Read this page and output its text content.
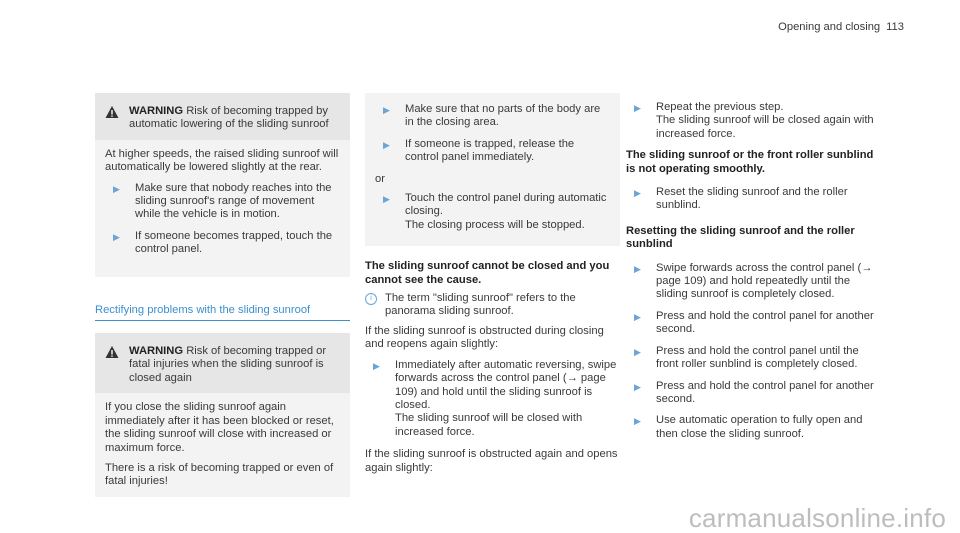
Opening and closing 113
WARNING Risk of becoming trapped by automatic lowering of the sliding sunroof

At higher speeds, the raised sliding sunroof will automatically be lowered slightly at the rear.

▶ Make sure that nobody reaches into the sliding sunroof's range of movement while the vehicle is in motion.
▶ If someone becomes trapped, touch the control panel.
Rectifying problems with the sliding sunroof
WARNING Risk of becoming trapped or fatal injuries when the sliding sunroof is closed again

If you close the sliding sunroof again immediately after it has been blocked or reset, the sliding sunroof will close with increased or maximum force.

There is a risk of becoming trapped or even of fatal injuries!

▶ Make sure that no parts of the body are in the closing area.
▶ If someone is trapped, release the control panel immediately.
or
▶ Touch the control panel during automatic closing.
The closing process will be stopped.
The sliding sunroof cannot be closed and you cannot see the cause.
i	The term "sliding sunroof" refers to the panorama sliding sunroof.

If the sliding sunroof is obstructed during closing and reopens again slightly:

▶ Immediately after automatic reversing, swipe forwards across the control panel (→ page 109) and hold until the sliding sunroof is closed.
The sliding sunroof will be closed with increased force.

If the sliding sunroof is obstructed again and opens again slightly:

▶ Repeat the previous step.
The sliding sunroof will be closed again with increased force.
The sliding sunroof or the front roller sunblind is not operating smoothly.
▶ Reset the sliding sunroof and the roller sunblind.
Resetting the sliding sunroof and the roller sunblind
▶ Swipe forwards across the control panel (→ page 109) and hold repeatedly until the sliding sunroof is completely closed.
▶ Press and hold the control panel for another second.
▶ Press and hold the control panel until the front roller sunblind is completely closed.
▶ Press and hold the control panel for another second.
▶ Use automatic operation to fully open and then close the sliding sunroof.
carmanualsonline.info
